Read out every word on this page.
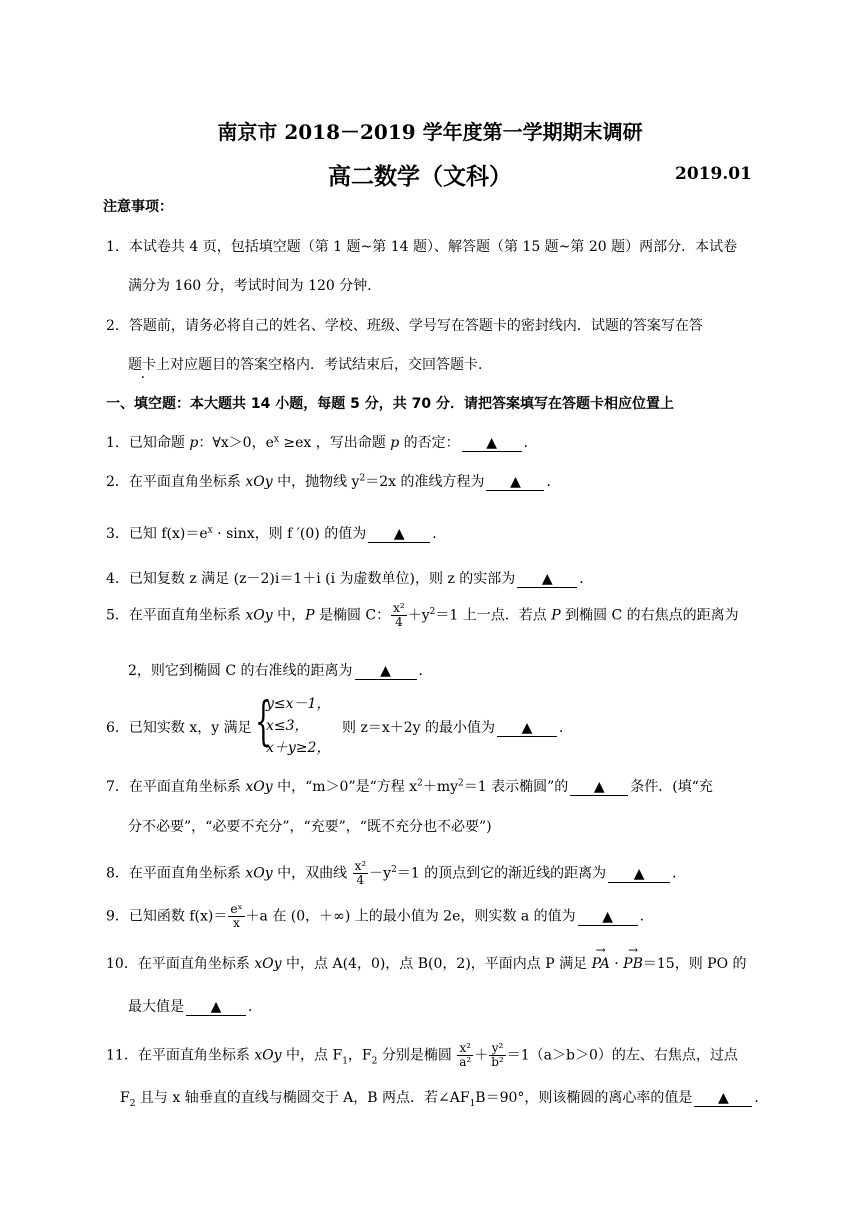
南京市 2018－2019 学年度第一学期期末调研
高二数学（文科）	2019.01
注意事项：
1．本试卷共 4 页，包括填空题（第 1 题~第 14 题）、解答题（第 15 题~第 20 题）两部分．本试卷
满分为 160 分，考试时间为 120 分钟．
2．答题前，请务必将自己的姓名、学校、班级、学号写在答题卡的密封线内．试题的答案写在答
题卡上对应题目的答案空格内．考试结束后，交回答题卡．
一、填空题：本大题共 14 小题，每题 5 分，共 70 分．请把答案填写在答题卡相应位置上
1．已知命题 p：∀x＞0，$e^x \ge ex$ ，写出命题 p 的否定： ▲ ．
2．在平面直角坐标系 xOy 中，抛物线 $y^2=2x$ 的准线方程为 ▲ ．
3．已知 $f(x)=e^x \cdot \sin x$，则 f ′(0) 的值为 ▲ ．
4．已知复数 z 满足 (z－2)i＝1＋i (i 为虚数单位)，则 z 的实部为 ▲ ．
5．在平面直角坐标系 xOy 中，P 是椭圆 C： $\frac{\text{x²}}{4} +y^2=1$ 上一点．若点 P 到椭圆 C 的右焦点的距离为
2，则它到椭圆 C 的右准线的距离为 ▲ ．
6．已知实数 x，y 满足 {
y≤x－1，
x≤3，
x＋y≥2，
则 z＝x＋2y 的最小值为 ▲ ．
7．在平面直角坐标系 xOy 中，“m＞0”是“方程 $x^2+my^2=1$ 表示椭圆”的 ▲ 条件．(填“充
分不必要”，“必要不充分”，“充要”，“既不充分也不必要”)
8．在平面直角坐标系 xOy 中，双曲线 $\frac{\text{x²}}{4} -y^2=1$ 的顶点到它的渐近线的距离为 ▲ ．
9．已知函数 $f(x)= \frac{\text{eˣ}}{x} +a$ 在 (0，＋∞) 上的最小值为 2e，则实数 a 的值为 ▲ ．
10．在平面直角坐标系 xOy 中，点 A(4，0)，点 B(0，2)，平面内点 P 满足 → PA · → PB＝15，则 PO 的
最大值是 ▲ ．
11．在平面直角坐标系 xOy 中，点 $F_1$，$F_2$ 分别是椭圆 $\frac{\text{x²}}{\text{a²}} + \frac{\text{y²}}{\text{b²}} =1(a>b>0)$的左、右焦点，过点
$F_2$ 且与 x 轴垂直的直线与椭圆交于 A，B 两点．若$\angle AF_1B=90^\circ$，则该椭圆的离心率的值是 ▲ ．
